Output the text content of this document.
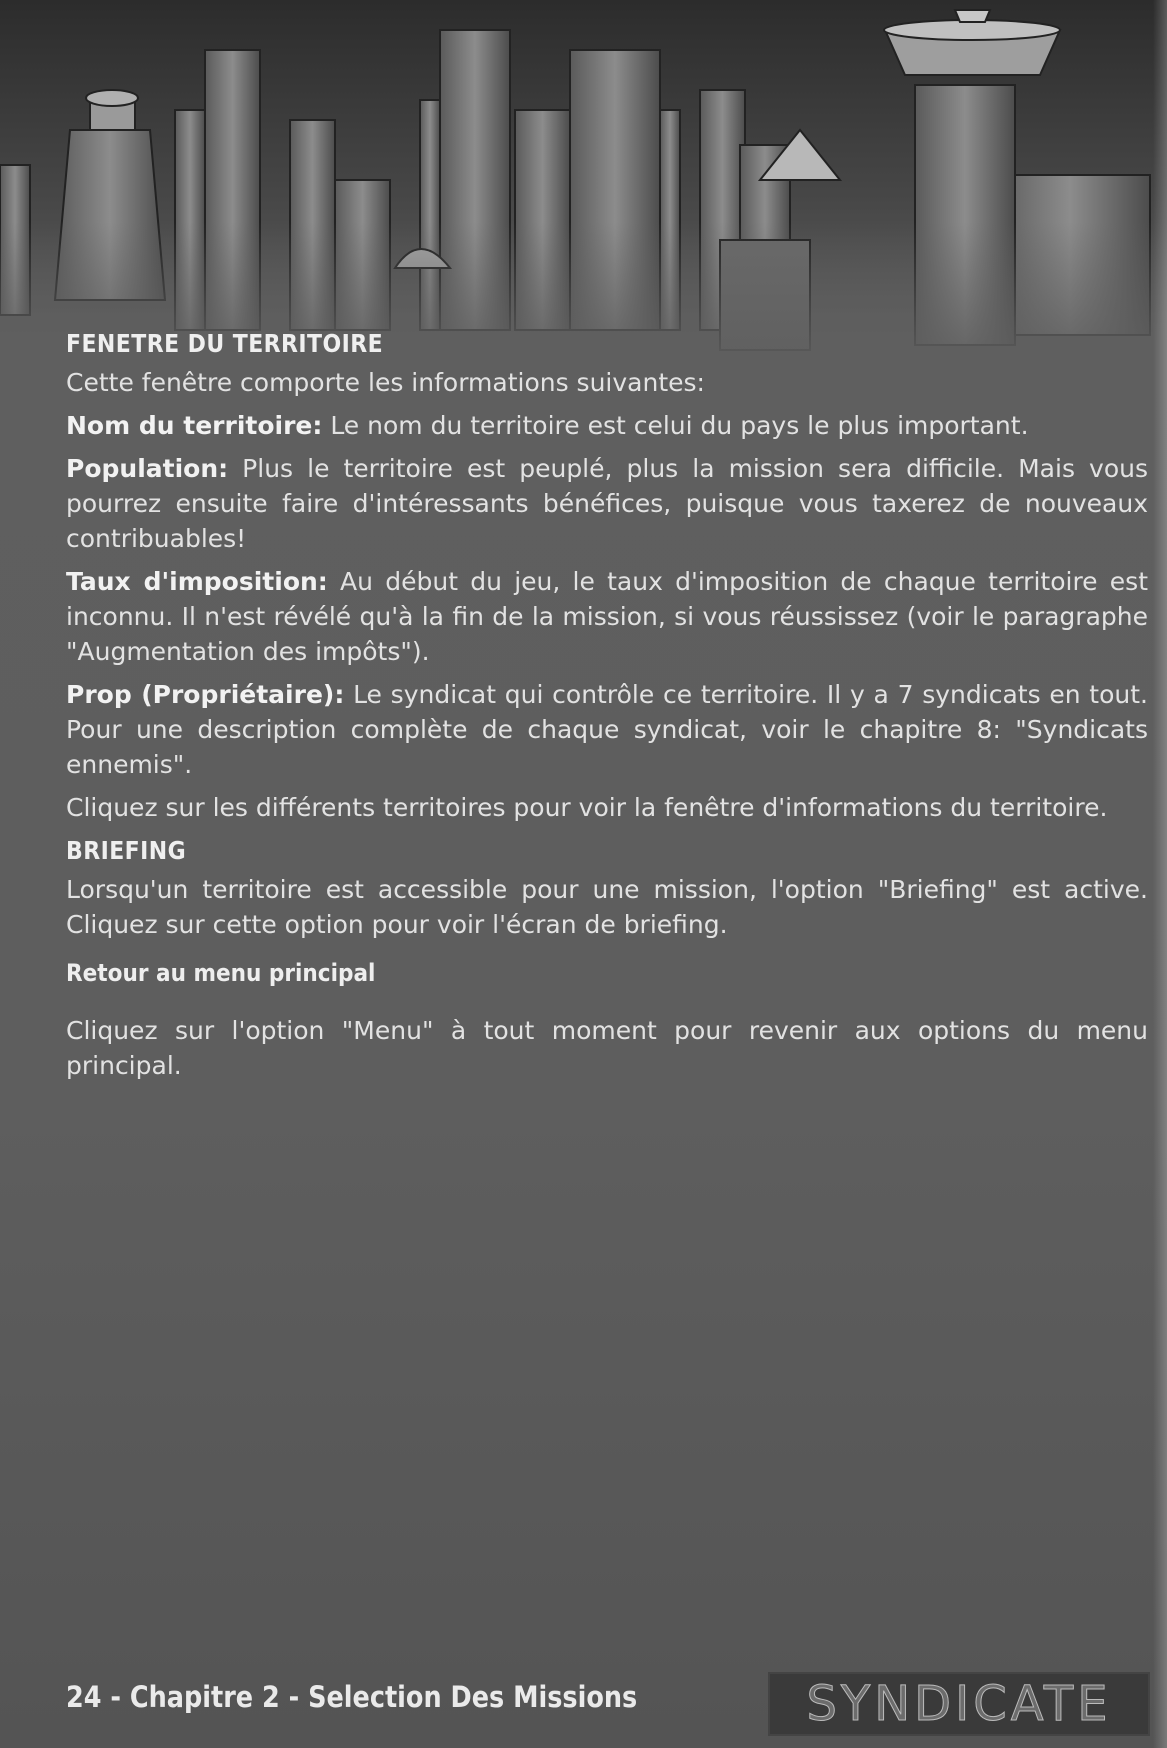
FENETRE DU TERRITOIRE

Cette fenêtre comporte les informations suivantes:

Nom du territoire: Le nom du territoire est celui du pays le plus important.

Population: Plus le territoire est peuplé, plus la mission sera difficile. Mais vous pourrez ensuite faire d'intéressants bénéfices, puisque vous taxerez de nouveaux contribuables!

Taux d'imposition: Au début du jeu, le taux d'imposition de chaque territoire est inconnu. Il n'est révélé qu'à la fin de la mission, si vous réussissez (voir le paragraphe "Augmentation des impôts").

Prop (Propriétaire): Le syndicat qui contrôle ce territoire. Il y a 7 syndicats en tout. Pour une description complète de chaque syndicat, voir le chapitre 8: "Syndicats ennemis".

Cliquez sur les différents territoires pour voir la fenêtre d'informations du territoire.

BRIEFING

Lorsqu'un territoire est accessible pour une mission, l'option "Briefing" est active. Cliquez sur cette option pour voir l'écran de briefing.

Retour au menu principal

Cliquez sur l'option "Menu" à tout moment pour revenir aux options du menu principal.

24 - Chapitre 2 - Selection Des Missions	SYNDICATE
